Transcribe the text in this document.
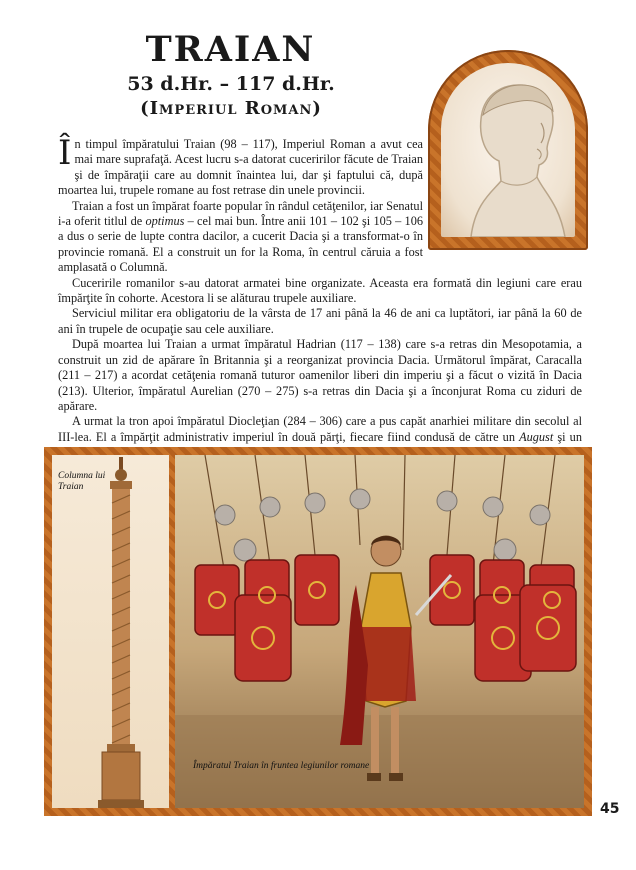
TRAIAN
53 d.Hr. – 117 d.Hr.
(Imperiul Roman)

În timpul împăratului Traian (98 – 117), Imperiul Roman a avut cea mai mare suprafaţă. Acest lucru s-a datorat cuceririlor făcute de Traian şi de împăraţii care au domnit înaintea lui, dar şi faptului că, după moartea lui, trupele romane au fost retrase din unele provincii.

Traian a fost un împărat foarte popular în rândul cetăţenilor, iar Senatul i-a oferit titlul de optimus – cel mai bun. Între anii 101 – 102 şi 105 – 106 a dus o serie de lupte contra dacilor, a cucerit Dacia şi a transformat-o în provincie romană. El a construit un for la Roma, în centrul căruia a fost amplasată o Columnă.

Cuceririle romanilor s-au datorat armatei bine organizate. Aceasta era formată din legiuni care erau împărţite în cohorte. Acestora li se alăturau trupele auxiliare.

Serviciul militar era obligatoriu de la vârsta de 17 ani până la 46 de ani ca luptători, iar până la 60 de ani în trupele de ocupaţie sau cele auxiliare.

După moartea lui Traian a urmat împăratul Hadrian (117 – 138) care s-a retras din Mesopotamia, a construit un zid de apărare în Britannia şi a reorganizat provincia Dacia. Următorul împărat, Caracalla (211 – 217) a acordat cetăţenia romană tuturor oamenilor liberi din imperiu şi a făcut o vizită în Dacia (213). Ulterior, împăratul Aurelian (270 – 275) s-a retras din Dacia şi a înconjurat Roma cu ziduri de apărare.

A urmat la tron apoi împăratul Diocleţian (284 – 306) care a pus capăt anarhiei militare din secolul al III-lea. El a împărţit administrativ imperiul în două părţi, fiecare fiind condusă de către un August şi un

Columna lui
Traian
Împăratul Traian în fruntea legiunilor romane
45
